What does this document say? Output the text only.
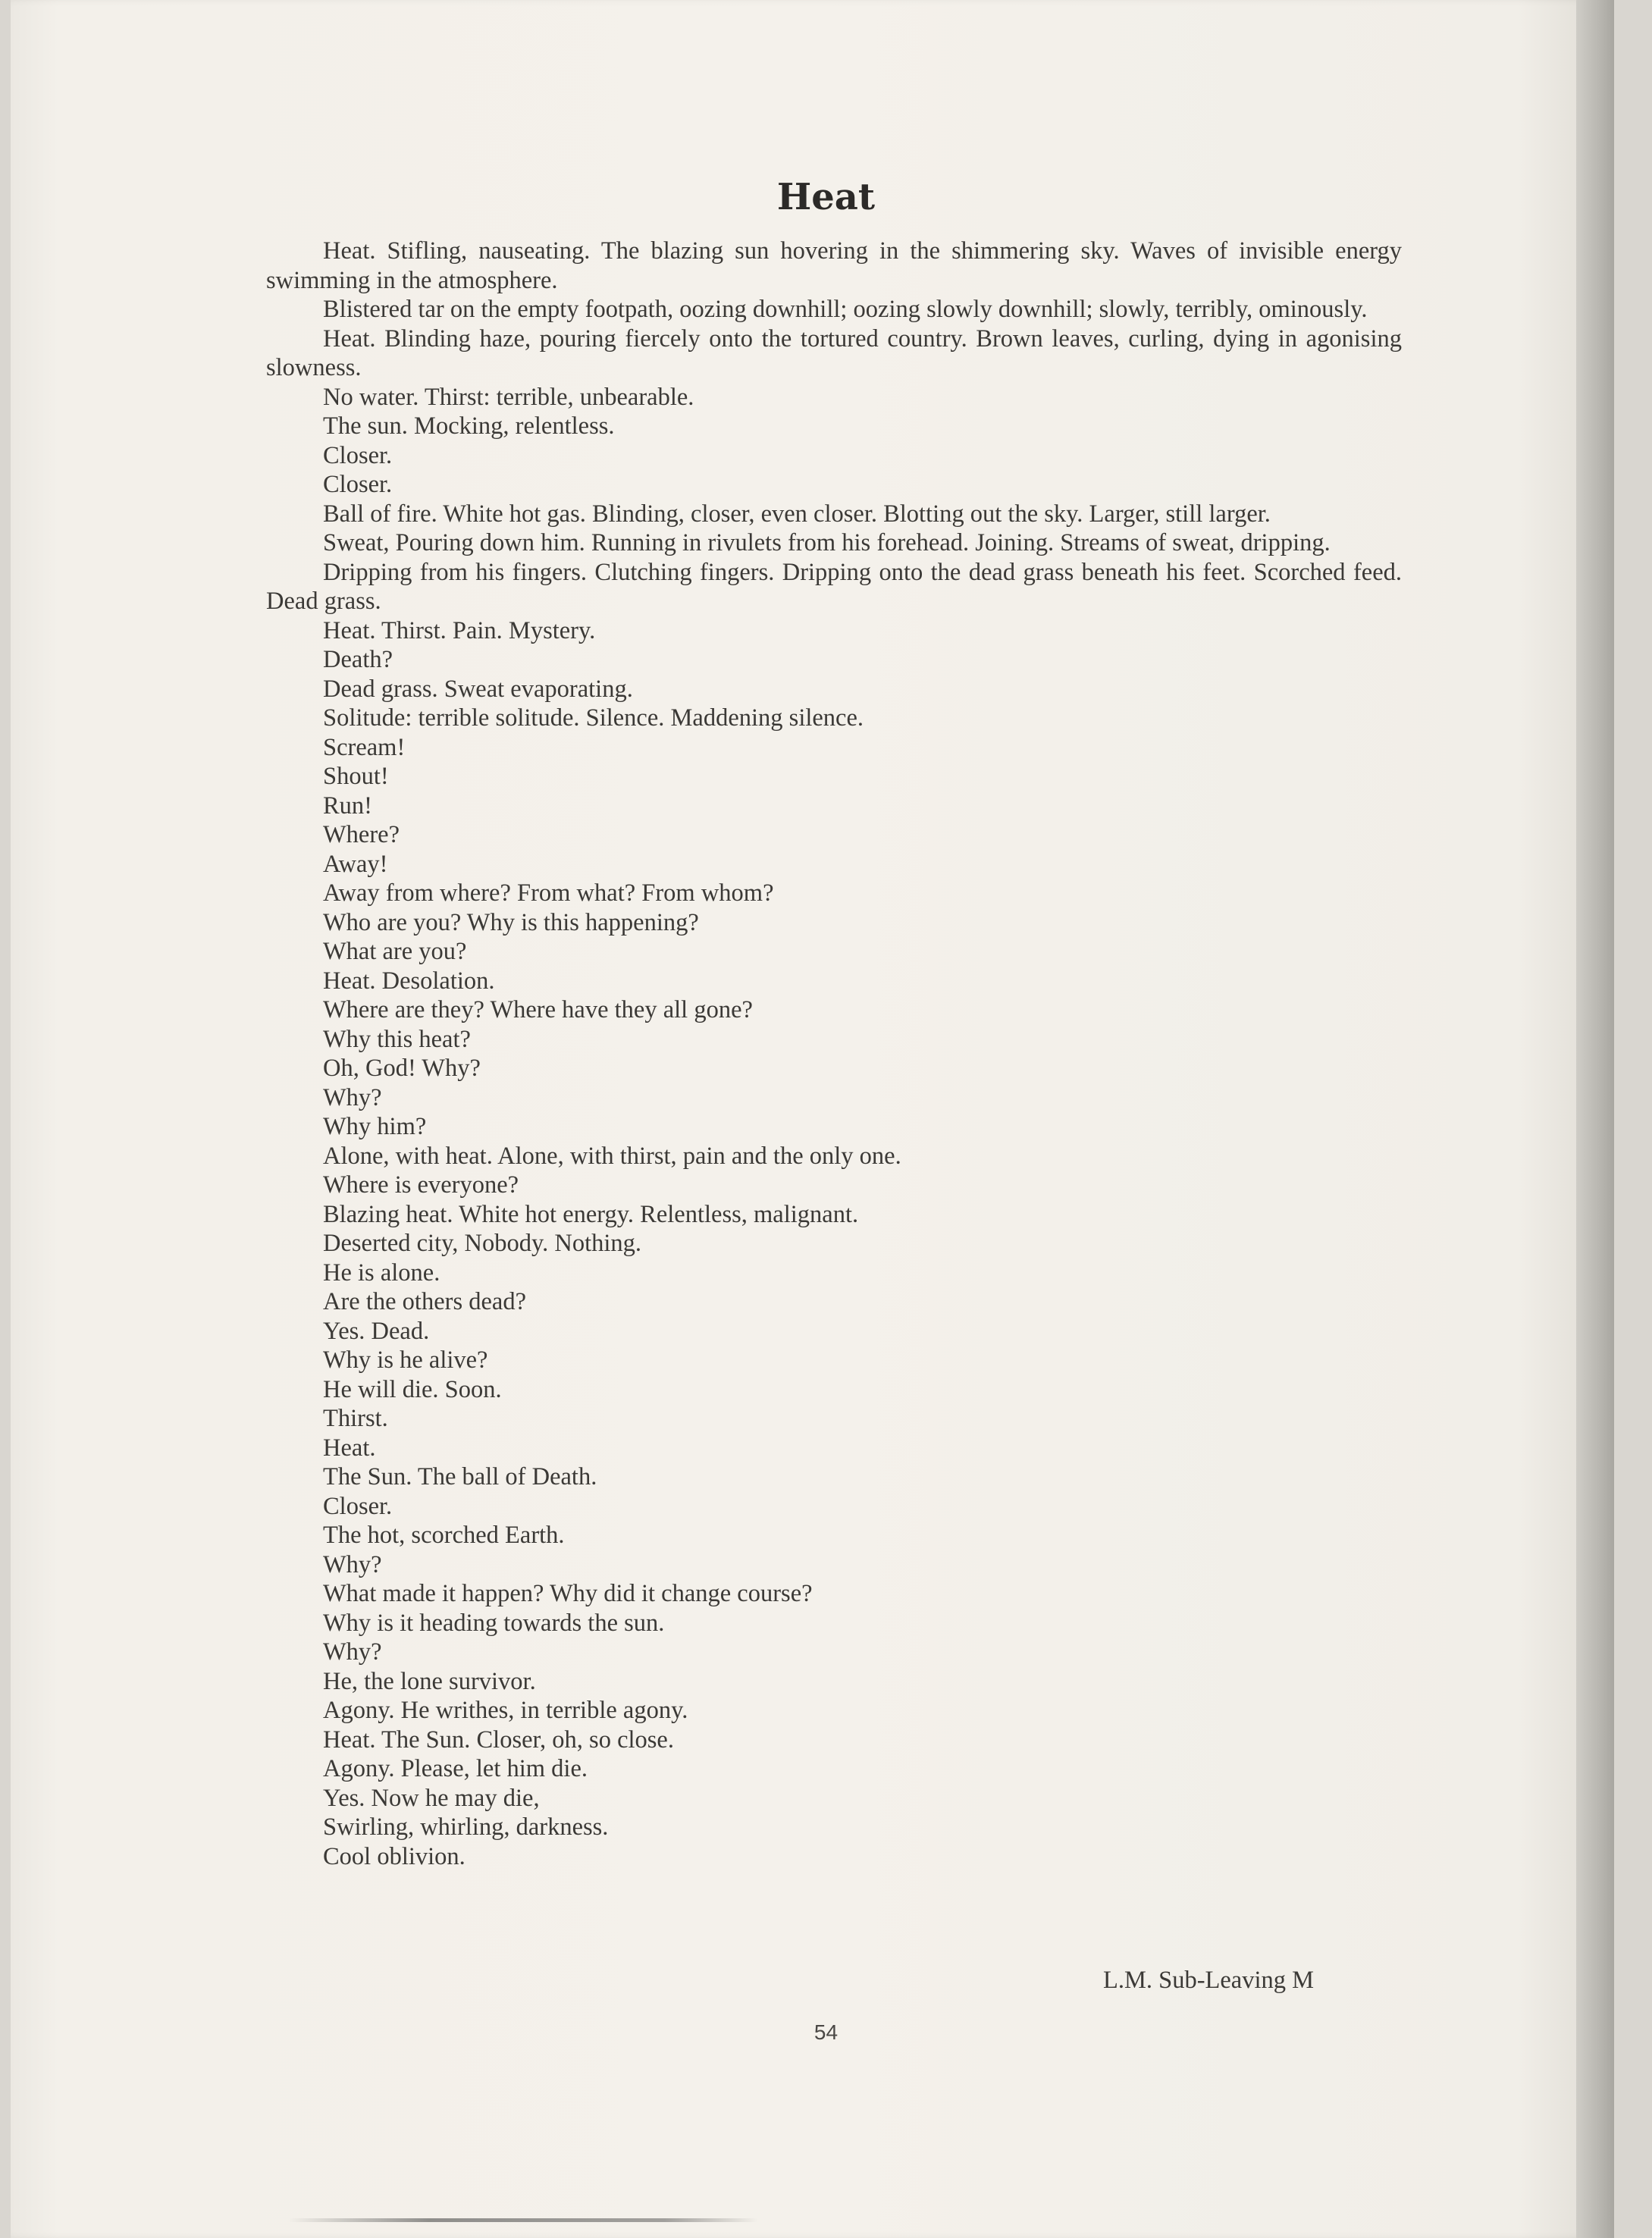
Heat

Heat. Stifling, nauseating. The blazing sun hovering in the shimmering sky. Waves of invisible energy swimming in the atmosphere.

Blistered tar on the empty footpath, oozing downhill; oozing slowly downhill; slowly, terribly, ominously.

Heat. Blinding haze, pouring fiercely onto the tortured country. Brown leaves, curling, dying in agonising slowness.

No water. Thirst: terrible, unbearable.

The sun. Mocking, relentless.

Closer.

Closer.

Ball of fire. White hot gas. Blinding, closer, even closer. Blotting out the sky. Larger, still larger.

Sweat, Pouring down him. Running in rivulets from his forehead. Joining. Streams of sweat, dripping.

Dripping from his fingers. Clutching fingers. Dripping onto the dead grass beneath his feet. Scorched feed. Dead grass.

Heat. Thirst. Pain. Mystery.

Death?

Dead grass. Sweat evaporating.

Solitude: terrible solitude. Silence. Maddening silence.

Scream!

Shout!

Run!

Where?

Away!

Away from where? From what? From whom?

Who are you? Why is this happening?

What are you?

Heat. Desolation.

Where are they? Where have they all gone?

Why this heat?

Oh, God! Why?

Why?

Why him?

Alone, with heat. Alone, with thirst, pain and the only one.

Where is everyone?

Blazing heat. White hot energy. Relentless, malignant.

Deserted city, Nobody. Nothing.

He is alone.

Are the others dead?

Yes. Dead.

Why is he alive?

He will die. Soon.

Thirst.

Heat.

The Sun. The ball of Death.

Closer.

The hot, scorched Earth.

Why?

What made it happen? Why did it change course?

Why is it heading towards the sun.

Why?

He, the lone survivor.

Agony. He writhes, in terrible agony.

Heat. The Sun. Closer, oh, so close.

Agony. Please, let him die.

Yes. Now he may die,

Swirling, whirling, darkness.

Cool oblivion.

L.M. Sub-Leaving M

54
